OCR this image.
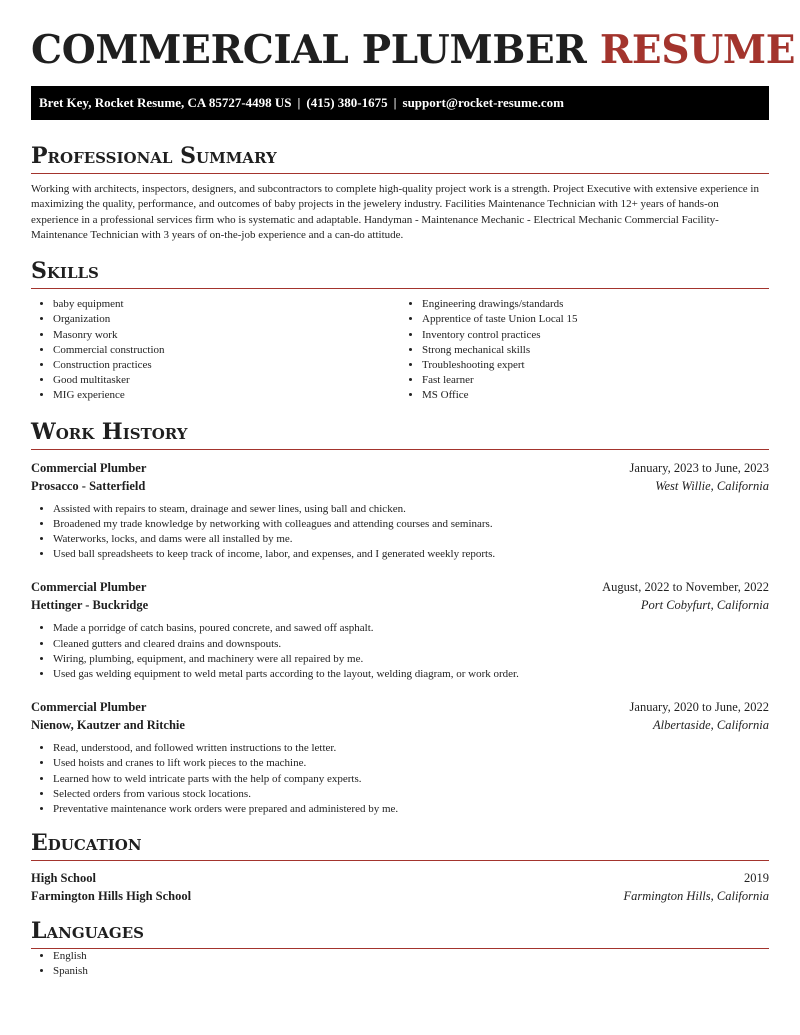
COMMERCIAL PLUMBER RESUME
Bret Key, Rocket Resume, CA 85727-4498 US | (415) 380-1675 | support@rocket-resume.com
Professional Summary

Working with architects, inspectors, designers, and subcontractors to complete high-quality project work is a strength. Project Executive with extensive experience in maximizing the quality, performance, and outcomes of baby projects in the jewelery industry. Facilities Maintenance Technician with 12+ years of hands-on experience in a professional services firm who is systematic and adaptable. Handyman - Maintenance Mechanic - Electrical Mechanic Commercial Facility-Maintenance Technician with 3 years of on-the-job experience and a can-do attitude.

Skills
• baby equipment
• Organization
• Masonry work
• Commercial construction
• Construction practices
• Good multitasker
• MIG experience
• Engineering drawings/standards
• Apprentice of taste Union Local 15
• Inventory control practices
• Strong mechanical skills
• Troubleshooting expert
• Fast learner
• MS Office
Work History
Commercial Plumber	January, 2023 to June, 2023
Prosacco - Satterfield	West Willie, California
• Assisted with repairs to steam, drainage and sewer lines, using ball and chicken.
• Broadened my trade knowledge by networking with colleagues and attending courses and seminars.
• Waterworks, locks, and dams were all installed by me.
• Used ball spreadsheets to keep track of income, labor, and expenses, and I generated weekly reports.
Commercial Plumber	August, 2022 to November, 2022
Hettinger - Buckridge	Port Cobyfurt, California
• Made a porridge of catch basins, poured concrete, and sawed off asphalt.
• Cleaned gutters and cleared drains and downspouts.
• Wiring, plumbing, equipment, and machinery were all repaired by me.
• Used gas welding equipment to weld metal parts according to the layout, welding diagram, or work order.
Commercial Plumber	January, 2020 to June, 2022
Nienow, Kautzer and Ritchie	Albertaside, California
• Read, understood, and followed written instructions to the letter.
• Used hoists and cranes to lift work pieces to the machine.
• Learned how to weld intricate parts with the help of company experts.
• Selected orders from various stock locations.
• Preventative maintenance work orders were prepared and administered by me.
Education
High School	2019
Farmington Hills High School	Farmington Hills, California
Languages
• English
• Spanish
